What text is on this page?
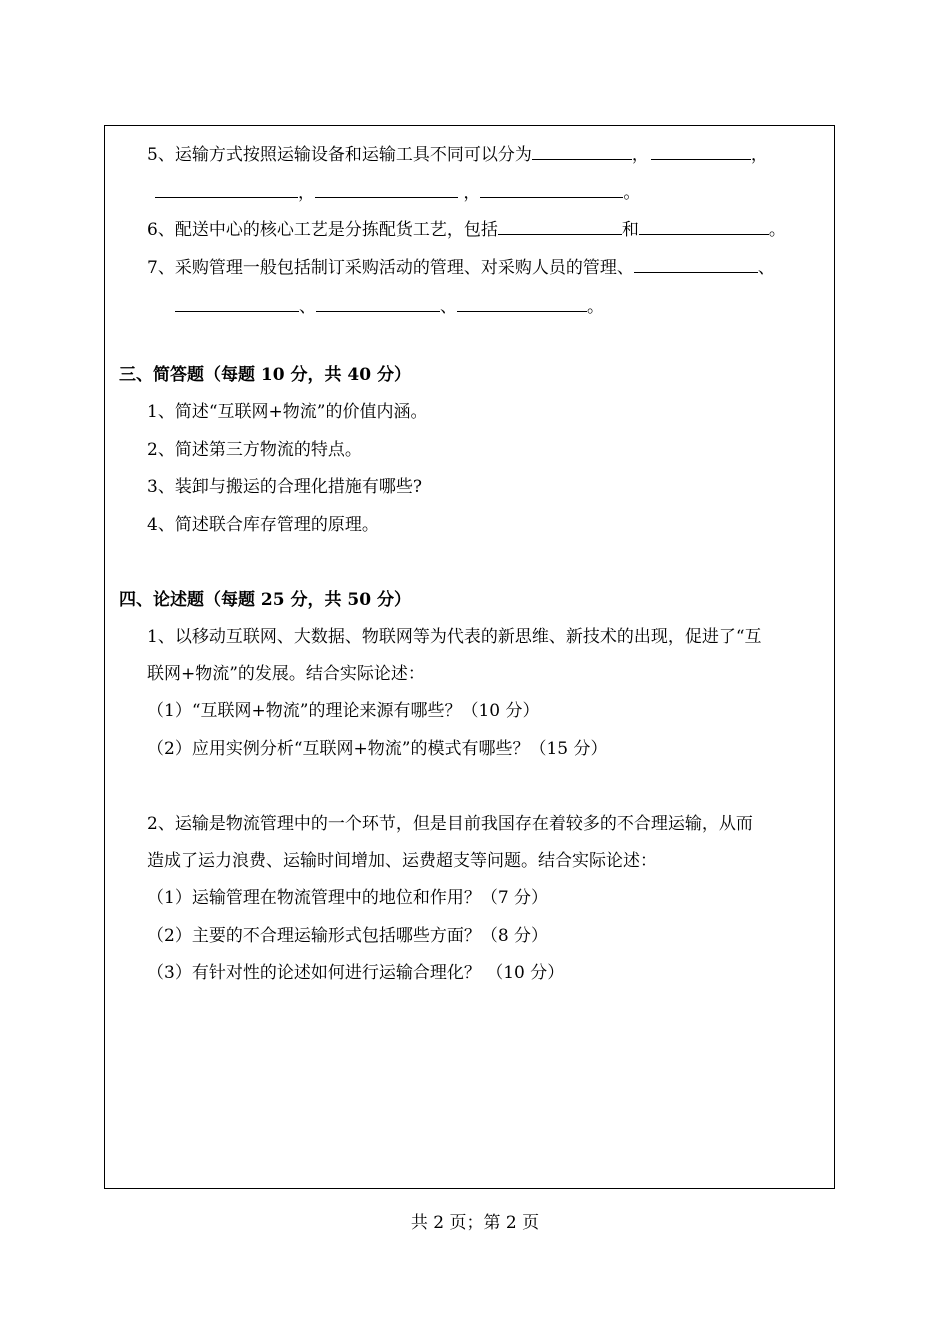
5、运输方式按照运输设备和运输工具不同可以分为	，	，
，	，	。
6、配送中心的核心工艺是分拣配货工艺，包括	和	。
7、采购管理一般包括制订采购活动的管理、对采购人员的管理、	、
、	、	。
三、简答题（每题 10 分，共 40 分）
1、简述“互联网+物流”的价值内涵。
2、简述第三方物流的特点。
3、装卸与搬运的合理化措施有哪些?
4、简述联合库存管理的原理。
四、论述题（每题 25 分，共 50 分）
1、以移动互联网、大数据、物联网等为代表的新思维、新技术的出现，促进了“互
联网+物流”的发展。结合实际论述：
（1）“互联网+物流”的理论来源有哪些？（10 分）
（2）应用实例分析“互联网+物流”的模式有哪些？（15 分）
2、运输是物流管理中的一个环节，但是目前我国存在着较多的不合理运输，从而
造成了运力浪费、运输时间增加、运费超支等问题。结合实际论述：
（1）运输管理在物流管理中的地位和作用？（7 分）
（2）主要的不合理运输形式包括哪些方面？（8 分）
（3）有针对性的论述如何进行运输合理化？ （10 分）
共 2 页；第 2 页
